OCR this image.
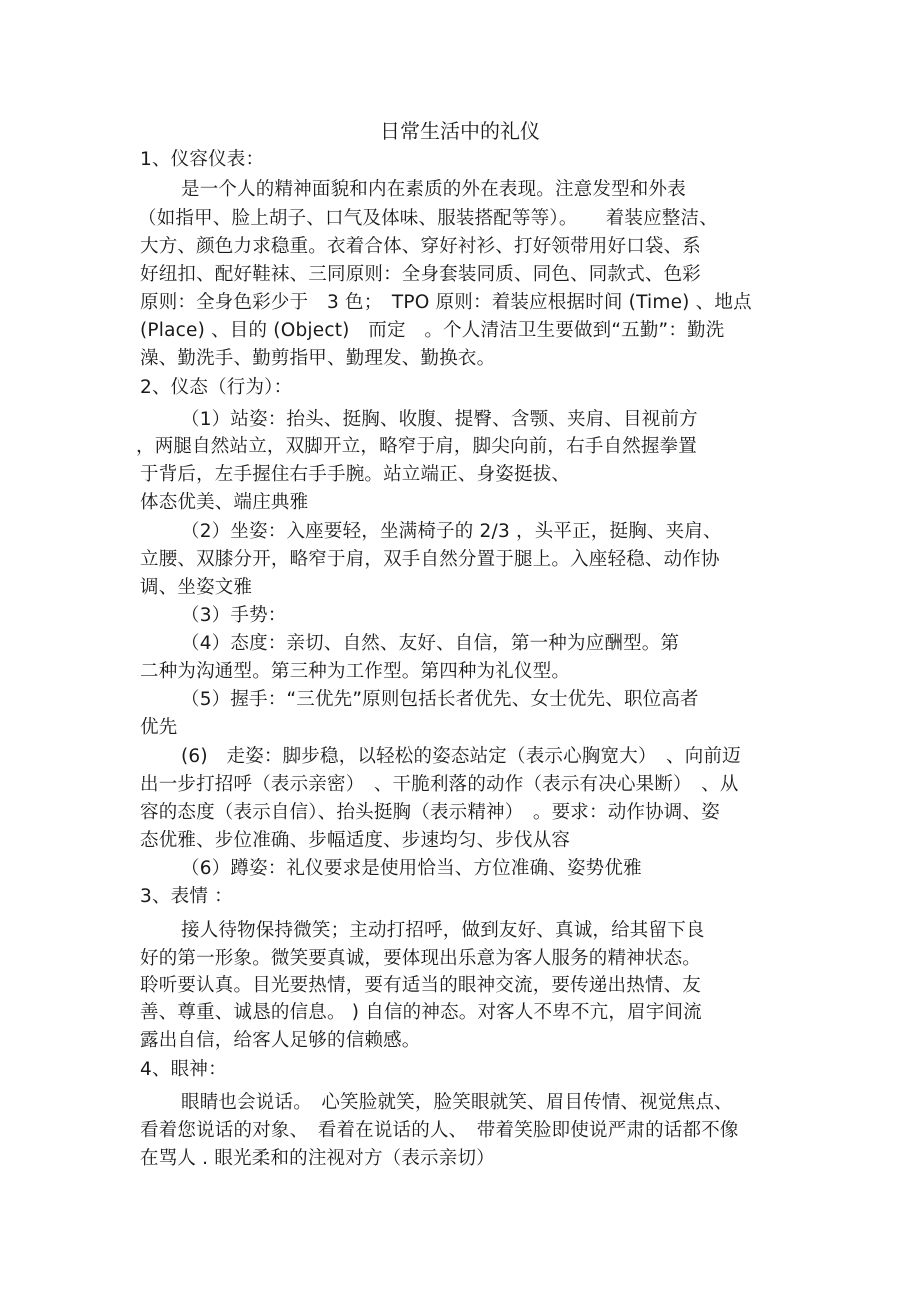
日常生活中的礼仪
1、仪容仪表：
是一个人的精神面貌和内在素质的外在表现。注意发型和外表
（如指甲、脸上胡子、口气及体味、服装搭配等等）。　　着装应整洁、
大方、颜色力求稳重。衣着合体、穿好衬衫、打好领带用好口袋、系
好纽扣、配好鞋袜、三同原则：全身套装同质、同色、同款式、色彩
原则：全身色彩少于　3 色；　TPO 原则：着装应根据时间 (Time) 、地点
(Place) 、目的 (Object)　而定　。个人清洁卫生要做到“五勤”：勤洗
澡、勤洗手、勤剪指甲、勤理发、勤换衣。
2、仪态（行为）：
（1）站姿：抬头、挺胸、收腹、提臀、含颚、夹肩、目视前方
，两腿自然站立，双脚开立，略窄于肩，脚尖向前，右手自然握拳置
于背后，左手握住右手手腕。站立端正、身姿挺拔、
体态优美、端庄典雅
（2）坐姿：入座要轻，坐满椅子的 2/3 ，头平正，挺胸、夹肩、
立腰、双膝分开，略窄于肩，双手自然分置于腿上。入座轻稳、动作协
调、坐姿文雅
（3）手势：
（4）态度：亲切、自然、友好、自信，第一种为应酬型。第
二种为沟通型。第三种为工作型。第四种为礼仪型。
（5）握手：“三优先”原则包括长者优先、女士优先、职位高者
优先
(6)　走姿：脚步稳，以轻松的姿态站定（表示心胸宽大）　、向前迈
出一步打招呼（表示亲密）　、干脆利落的动作（表示有决心果断）　、从
容的态度（表示自信）、抬头挺胸（表示精神）　。要求：动作协调、姿
态优雅、步位准确、步幅适度、步速均匀、步伐从容
（6）蹲姿：礼仪要求是使用恰当、方位准确、姿势优雅
3、表情 ：
接人待物保持微笑；主动打招呼，做到友好、真诚，给其留下良
好的第一形象。微笑要真诚，要体现出乐意为客人服务的精神状态。
聆听要认真。目光要热情，要有适当的眼神交流，要传递出热情、友
善、尊重、诚恳的信息。 ) 自信的神态。对客人不卑不亢，眉宇间流
露出自信，给客人足够的信赖感。
4、眼神：
眼睛也会说话。　心笑脸就笑，脸笑眼就笑、眉目传情、视觉焦点、
看着您说话的对象、　看着在说话的人、　带着笑脸即使说严肃的话都不像
在骂人 . 眼光柔和的注视对方（表示亲切）
